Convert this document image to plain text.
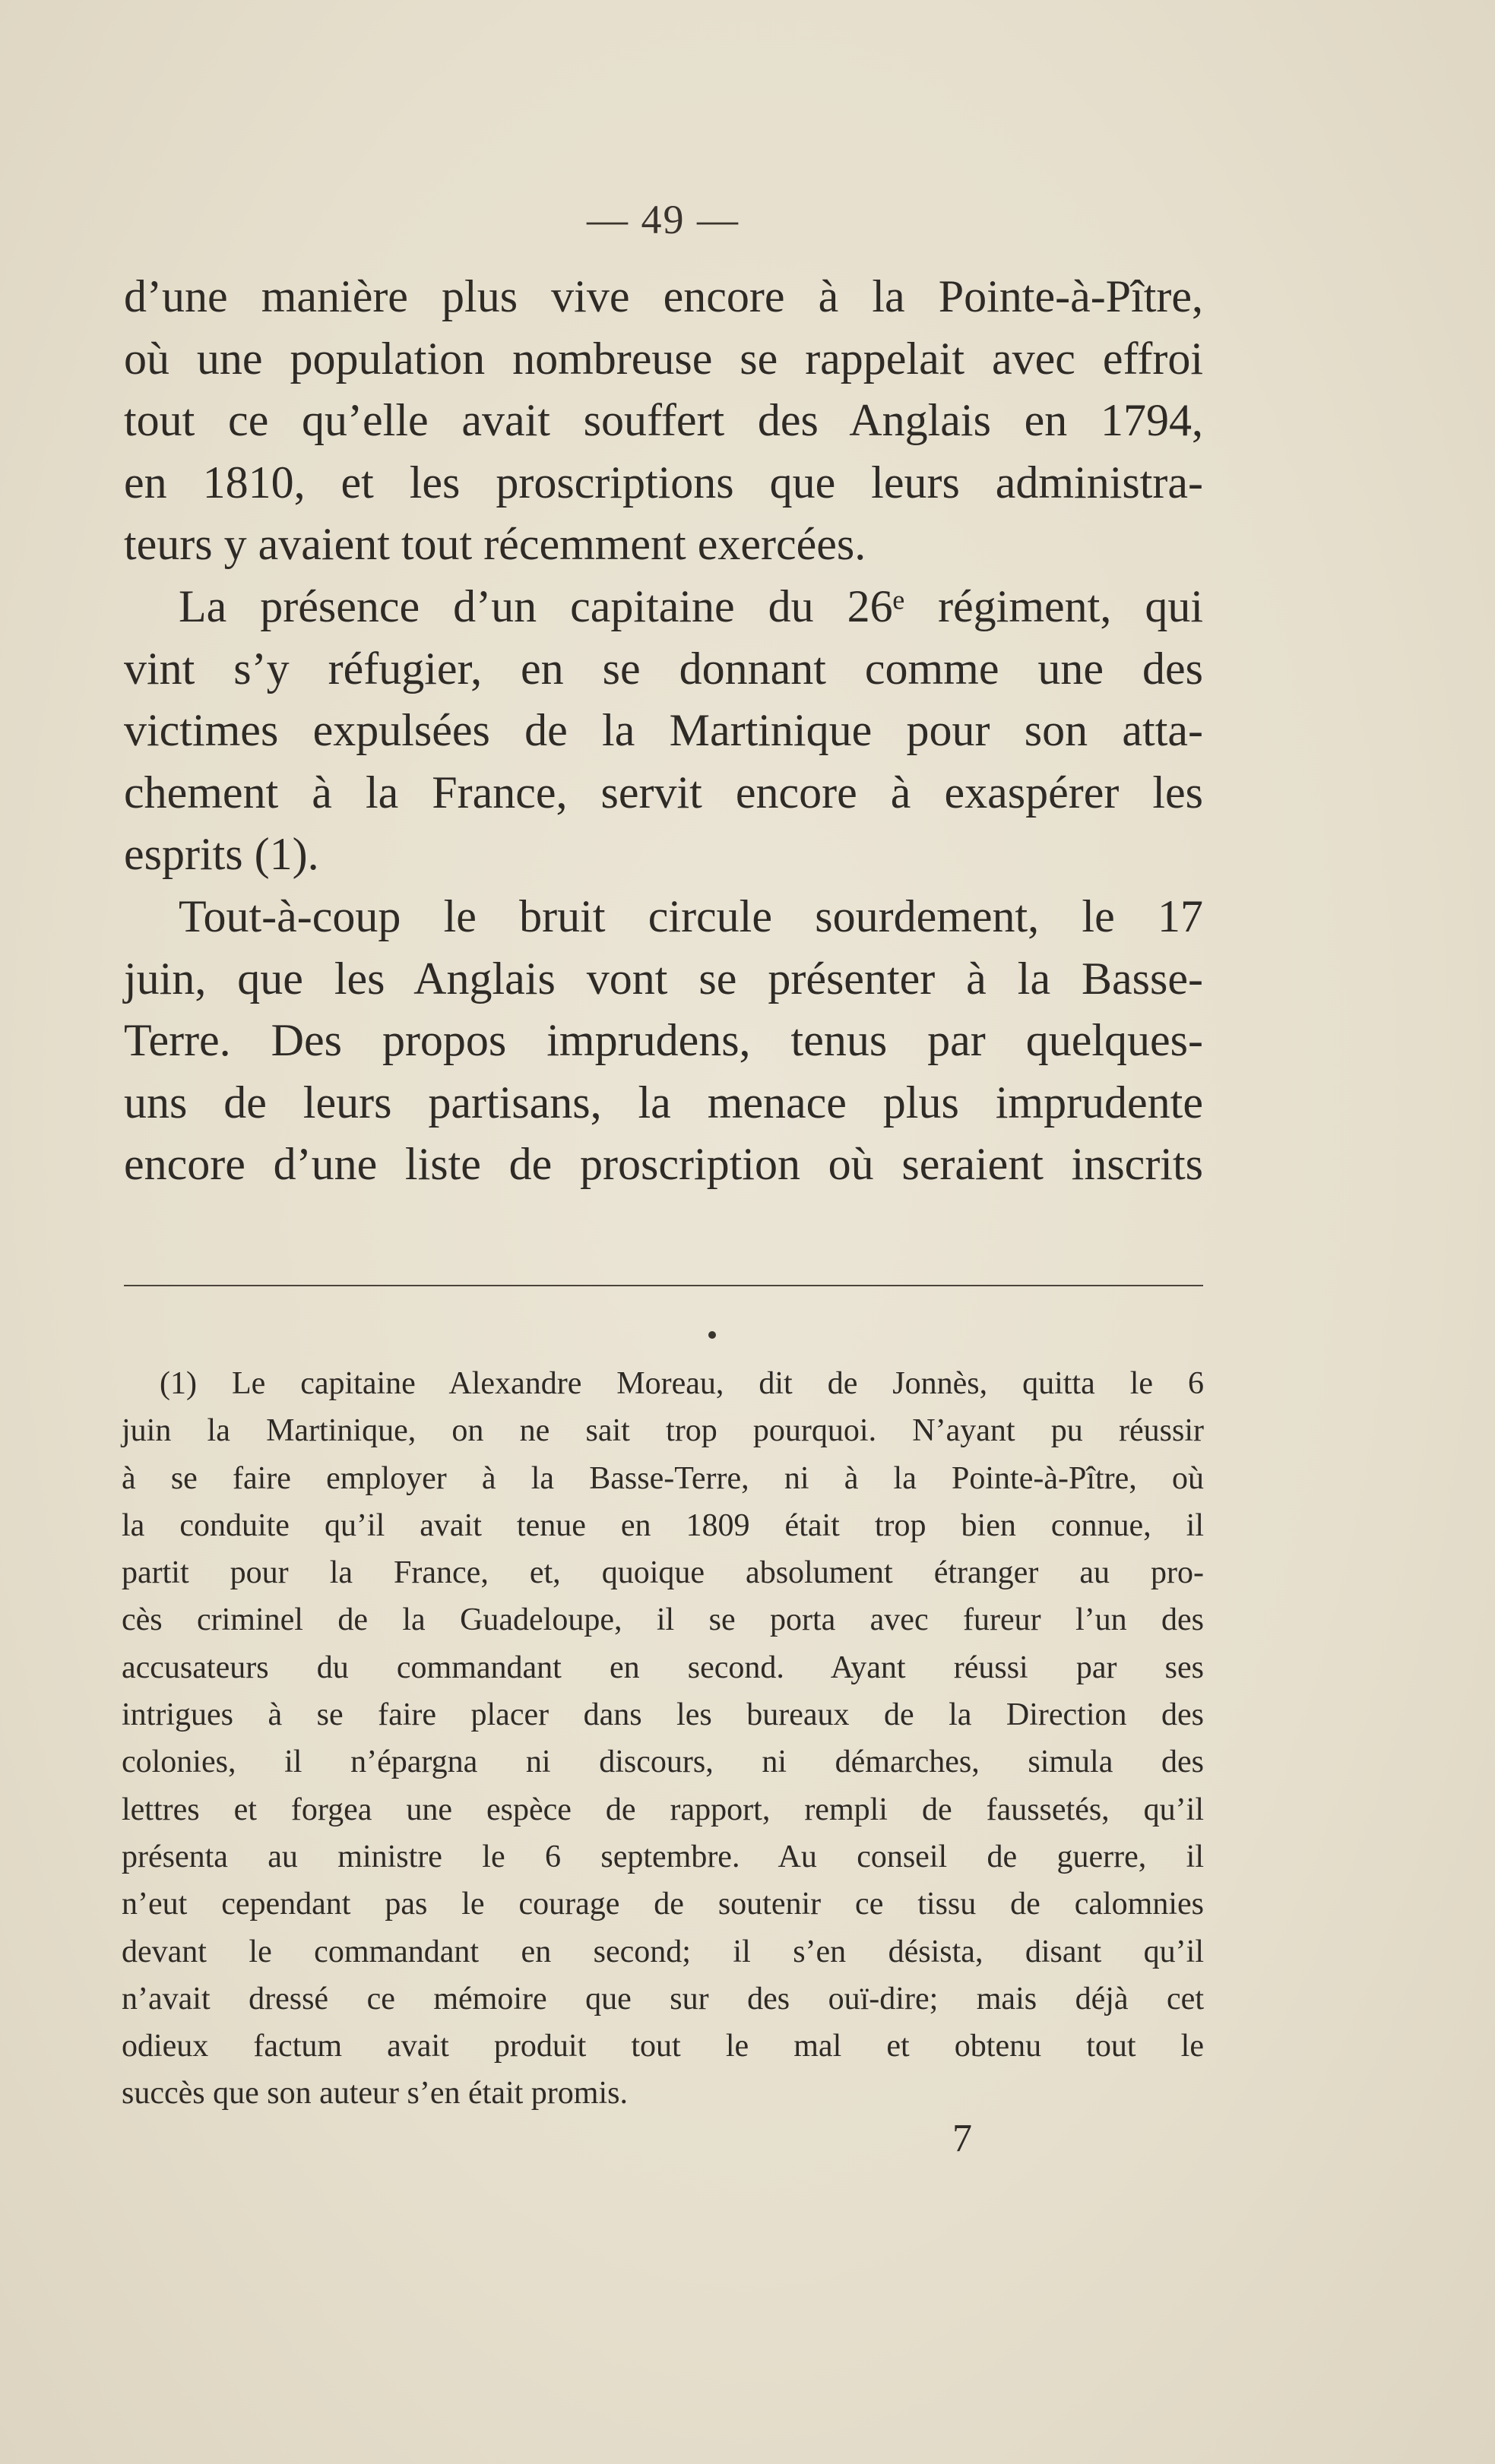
— 49 —
d’une manière plus vive encore à la Pointe-à-Pître,
où une population nombreuse se rappelait avec effroi
tout ce qu’elle avait souffert des Anglais en 1794,
en 1810, et les proscriptions que leurs administra-
teurs y avaient tout récemment exercées.
La présence d’un capitaine du 26ᵉ régiment, qui
vint s’y réfugier, en se donnant comme une des
victimes expulsées de la Martinique pour son atta-
chement à la France, servit encore à exaspérer les
esprits (1).
Tout-à-coup le bruit circule sourdement, le 17
juin, que les Anglais vont se présenter à la Basse-
Terre. Des propos imprudens, tenus par quelques-
uns de leurs partisans, la menace plus imprudente
encore d’une liste de proscription où seraient inscrits
(1) Le capitaine Alexandre Moreau, dit de Jonnès, quitta le 6
juin la Martinique, on ne sait trop pourquoi. N’ayant pu réussir
à se faire employer à la Basse-Terre, ni à la Pointe-à-Pître, où
la conduite qu’il avait tenue en 1809 était trop bien connue, il
partit pour la France, et, quoique absolument étranger au pro-
cès criminel de la Guadeloupe, il se porta avec fureur l’un des
accusateurs du commandant en second. Ayant réussi par ses
intrigues à se faire placer dans les bureaux de la Direction des
colonies, il n’épargna ni discours, ni démarches, simula des
lettres et forgea une espèce de rapport, rempli de faussetés, qu’il
présenta au ministre le 6 septembre. Au conseil de guerre, il
n’eut cependant pas le courage de soutenir ce tissu de calomnies
devant le commandant en second; il s’en désista, disant qu’il
n’avait dressé ce mémoire que sur des ouï-dire; mais déjà cet
odieux factum avait produit tout le mal et obtenu tout le
succès que son auteur s’en était promis.
7
